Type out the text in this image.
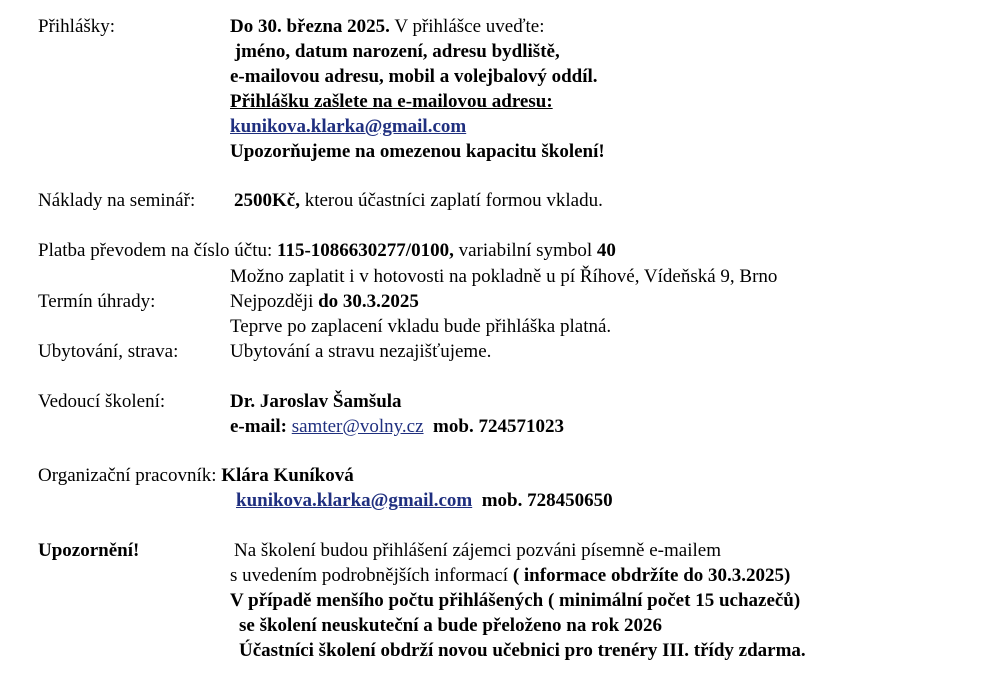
Přihlášky:	Do 30. března 2025. V přihlášce uveďte:
jméno, datum narození, adresu bydliště,
e-mailovou adresu, mobil a volejbalový oddíl.
Přihlášku zašlete na e-mailovou adresu:
kunikova.klarka@gmail.com
Upozorňujeme na omezenou kapacitu školení!
Náklady na seminář: 2500Kč, kterou účastníci zaplatí formou vkladu.
Platba převodem na číslo účtu: 115-1086630277/0100, variabilní symbol 40
Možno zaplatit i v hotovosti na pokladně u pí Říhové, Vídeňská 9, Brno
Termín úhrady:	Nejpozději do 30.3.2025
Teprve po zaplacení vkladu bude přihláška platná.
Ubytování, strava:	Ubytování a stravu nezajišťujeme.
Vedoucí školení:	Dr. Jaroslav Šamšula
e-mail: samter@volny.cz  mob. 724571023
Organizační pracovník: Klára Kuníková
kunikova.klarka@gmail.com  mob. 728450650
Upozornění!	Na školení budou přihlášení zájemci pozváni písemně e-mailem
s uvedením podrobnějších informací ( informace obdržíte do 30.3.2025)
V případě menšího počtu přihlášených ( minimální počet 15 uchazečů)
se školení neuskuteční a bude přeloženo na rok 2026
Účastníci školení obdrží novou učebnici pro trenéry III. třídy zdarma.
